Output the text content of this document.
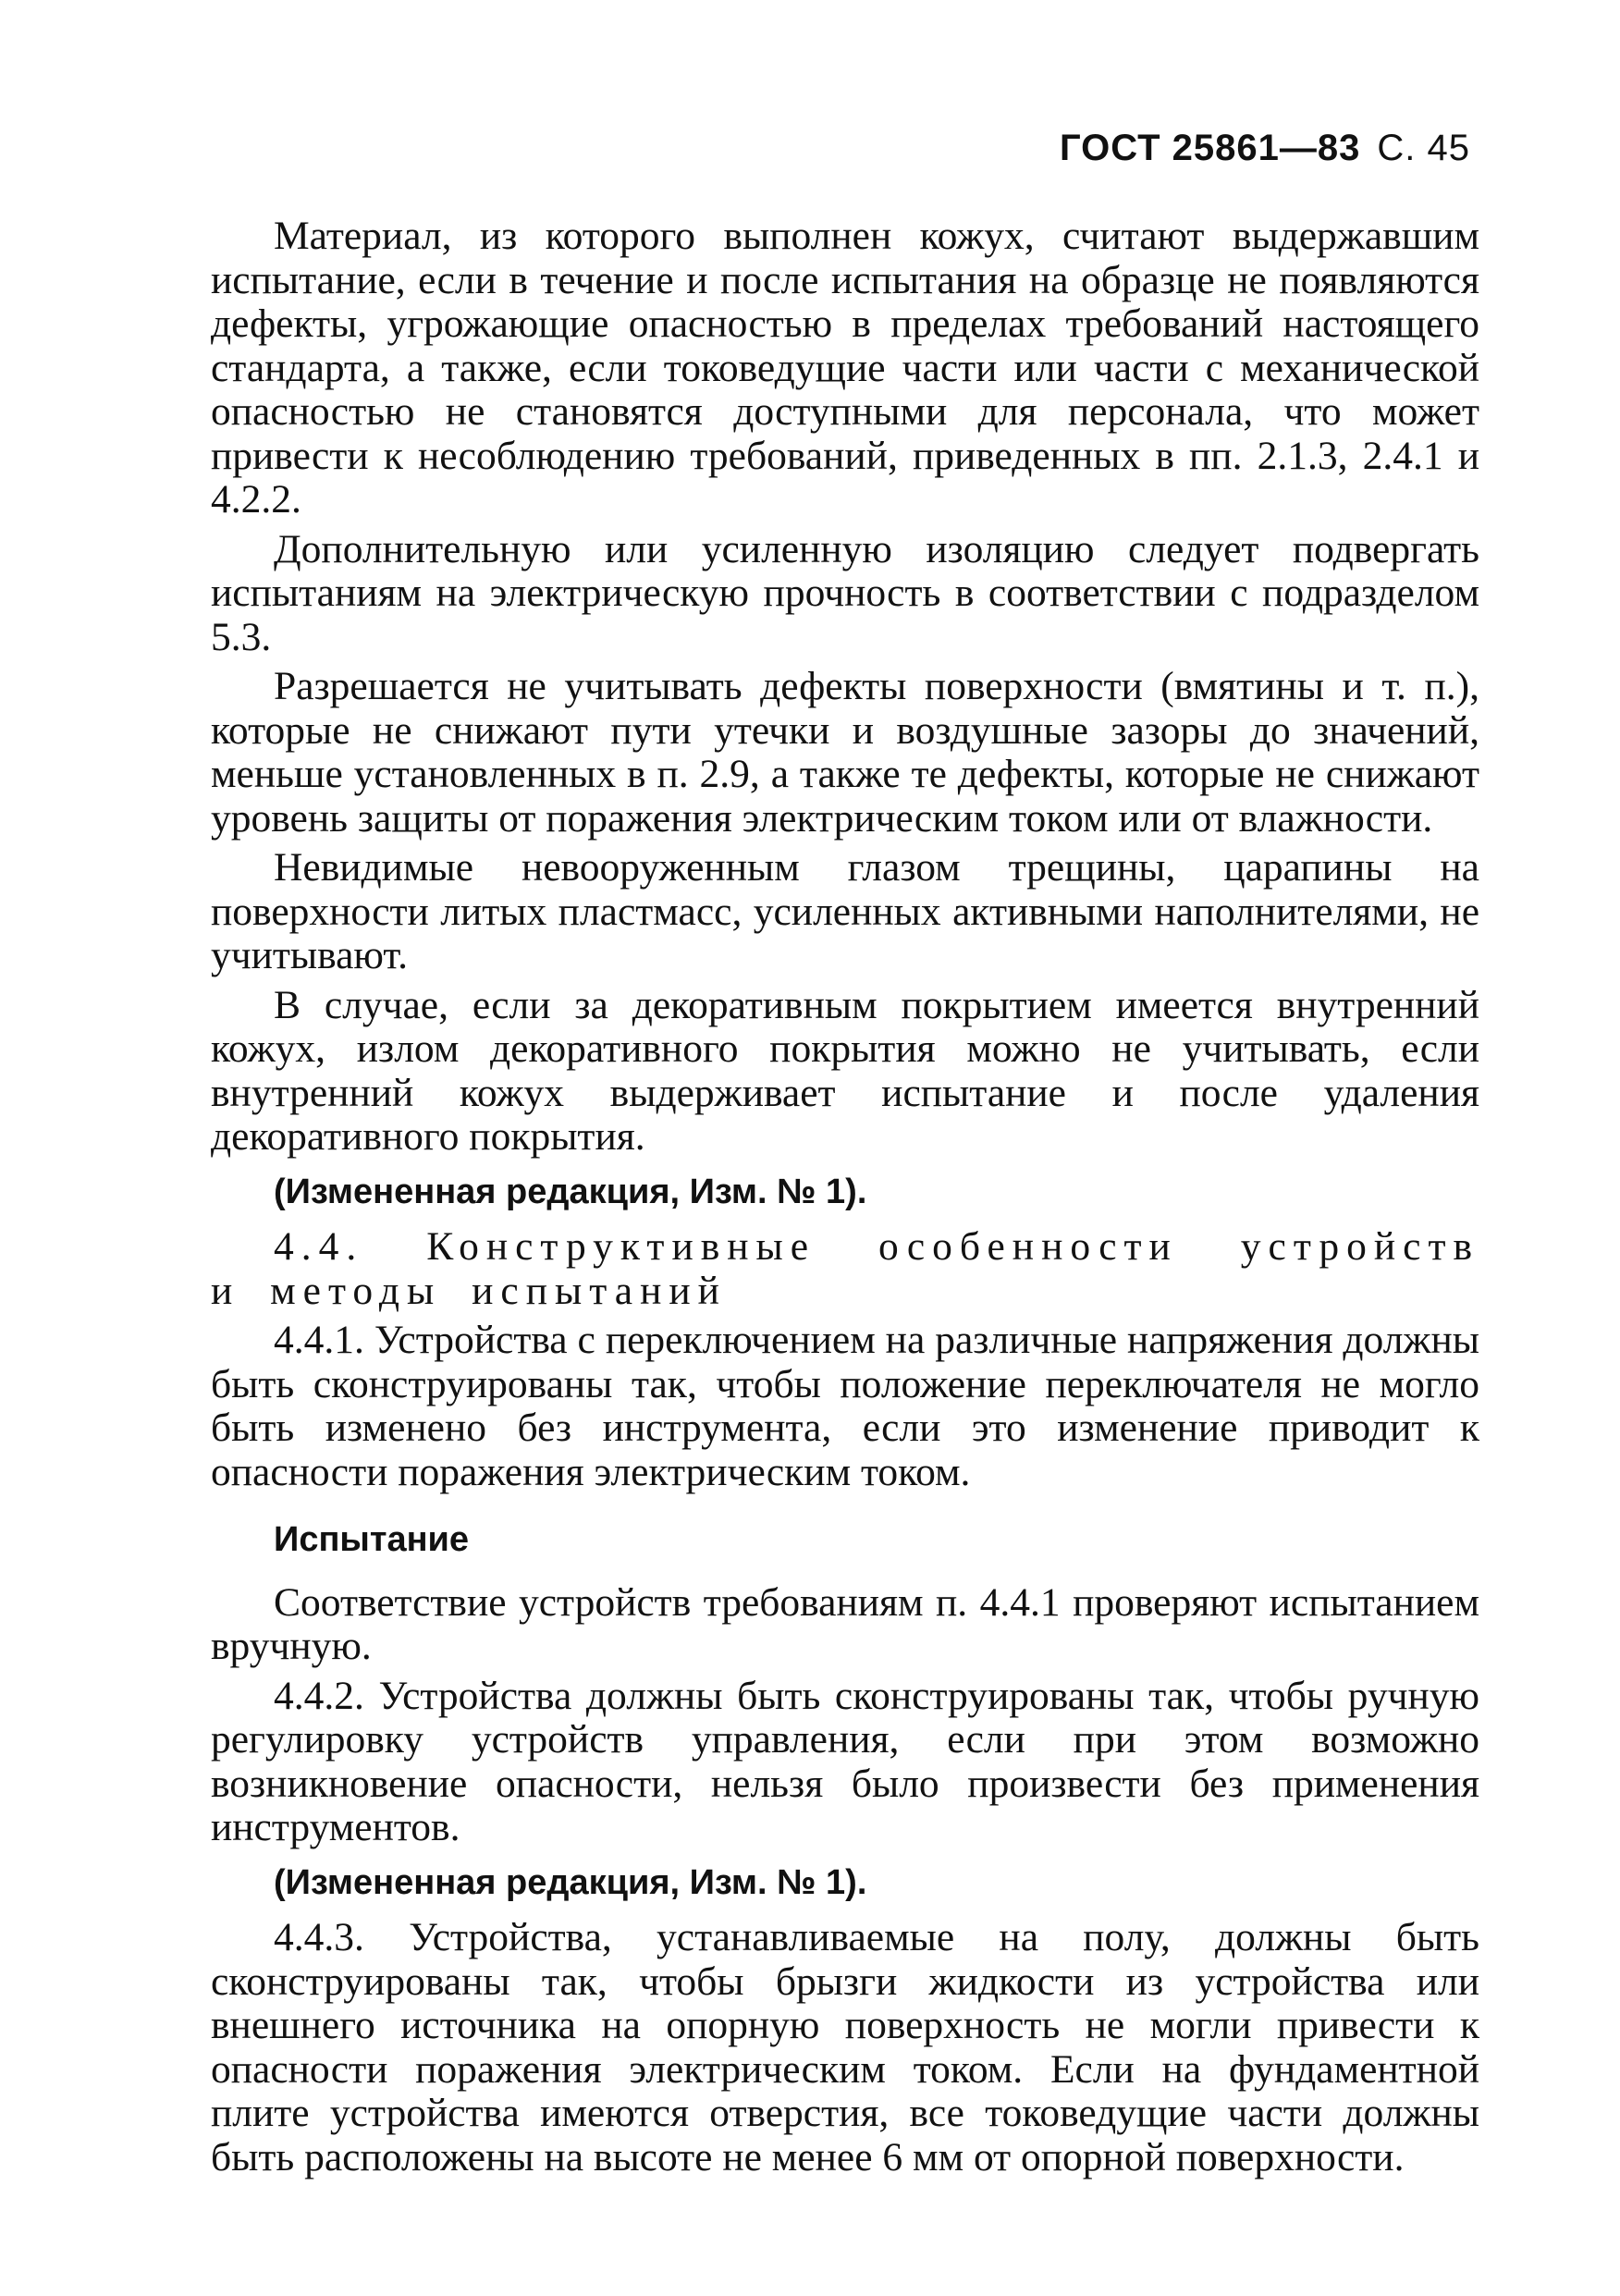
ГОСТ 25861—83 С. 45

Материал, из которого выполнен кожух, считают выдержавшим испытание, если в течение и после испытания на образце не появляются дефекты, угрожающие опасностью в пределах требований настоящего стандарта, а также, если токоведущие части или части с механической опасностью не становятся доступными для персонала, что может привести к несоблюдению требований, приведенных в пп. 2.1.3, 2.4.1 и 4.2.2.

Дополнительную или усиленную изоляцию следует подвергать испытаниям на электрическую прочность в соответствии с подразделом 5.3.

Разрешается не учитывать дефекты поверхности (вмятины и т. п.), которые не снижают пути утечки и воздушные зазоры до значений, меньше установленных в п. 2.9, а также те дефекты, которые не снижают уровень защиты от поражения электрическим током или от влажности.

Невидимые невооруженным глазом трещины, царапины на поверхности литых пластмасс, усиленных активными наполнителями, не учитывают.

В случае, если за декоративным покрытием имеется внутренний кожух, излом декоративного покрытия можно не учитывать, если внутренний кожух выдерживает испытание и после удаления декоративного покрытия.

(Измененная редакция, Изм. № 1).

4.4. Конструктивные особенности устройств

и методы испытаний

4.4.1. Устройства с переключением на различные напряжения должны быть сконструированы так, чтобы положение переключателя не могло быть изменено без инструмента, если это изменение приводит к опасности поражения электрическим током.

Испытание

Соответствие устройств требованиям п. 4.4.1 проверяют испытанием вручную.

4.4.2. Устройства должны быть сконструированы так, чтобы ручную регулировку устройств управления, если при этом возможно возникновение опасности, нельзя было произвести без применения инструментов.

(Измененная редакция, Изм. № 1).

4.4.3. Устройства, устанавливаемые на полу, должны быть сконструированы так, чтобы брызги жидкости из устройства или внешнего источника на опорную поверхность не могли привести к опасности поражения электрическим током. Если на фундаментной плите устройства имеются отверстия, все токоведущие части должны быть расположены на высоте не менее 6 мм от опорной поверхности.
